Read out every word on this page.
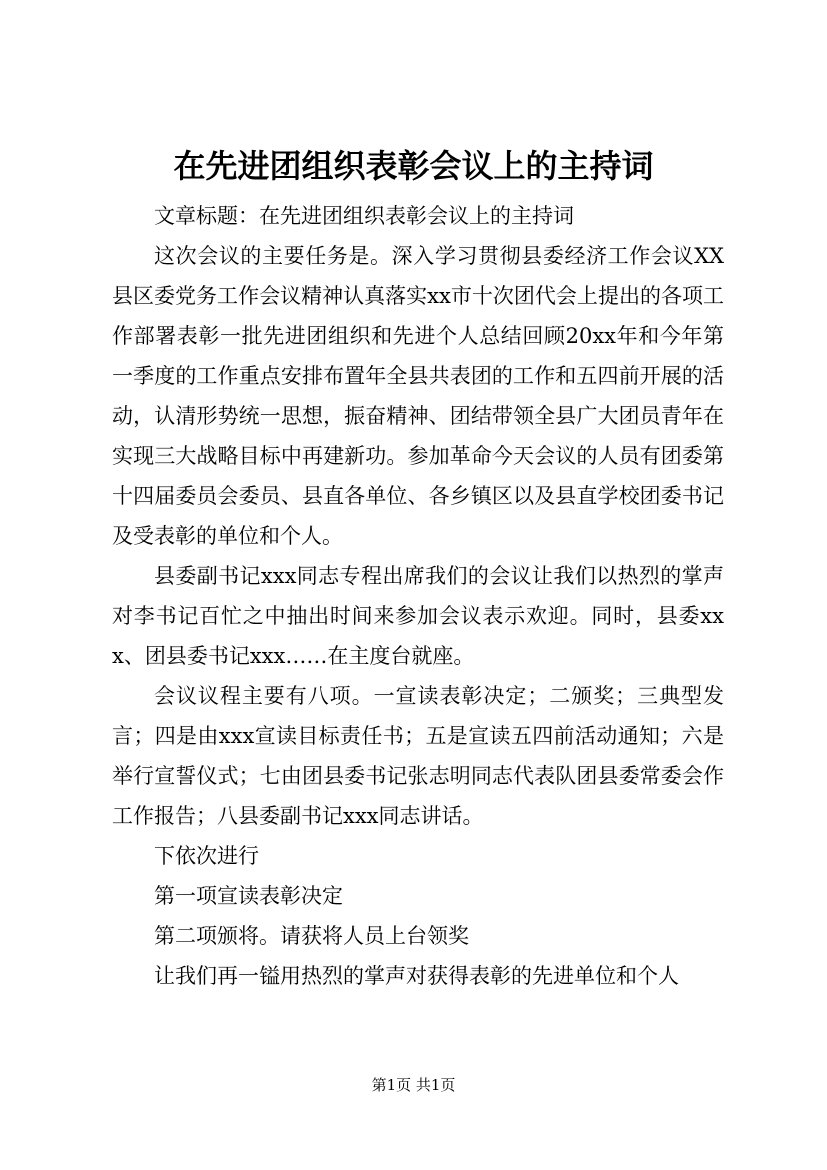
在先进团组织表彰会议上的主持词

文章标题：在先进团组织表彰会议上的主持词

这次会议的主要任务是。深入学习贯彻县委经济工作会议XX县区委党务工作会议精神认真落实xx市十次团代会上提出的各项工作部署表彰一批先进团组织和先进个人总结回顾20xx年和今年第一季度的工作重点安排布置年全县共表团的工作和五四前开展的活动，认清形势统一思想，振奋精神、团结带领全县广大团员青年在实现三大战略目标中再建新功。参加革命今天会议的人员有团委第十四届委员会委员、县直各单位、各乡镇区以及县直学校团委书记及受表彰的单位和个人。

县委副书记xxx同志专程出席我们的会议让我们以热烈的掌声对李书记百忙之中抽出时间来参加会议表示欢迎。同时，县委xxx、团县委书记xxx……在主度台就座。

会议议程主要有八项。一宣读表彰决定；二颁奖；三典型发言；四是由xxx宣读目标责任书；五是宣读五四前活动通知；六是举行宣誓仪式；七由团县委书记张志明同志代表队团县委常委会作工作报告；八县委副书记xxx同志讲话。

下依次进行

第一项宣读表彰决定

第二项颁将。请获将人员上台领奖

让我们再一镒用热烈的掌声对获得表彰的先进单位和个人

第1页 共1页
